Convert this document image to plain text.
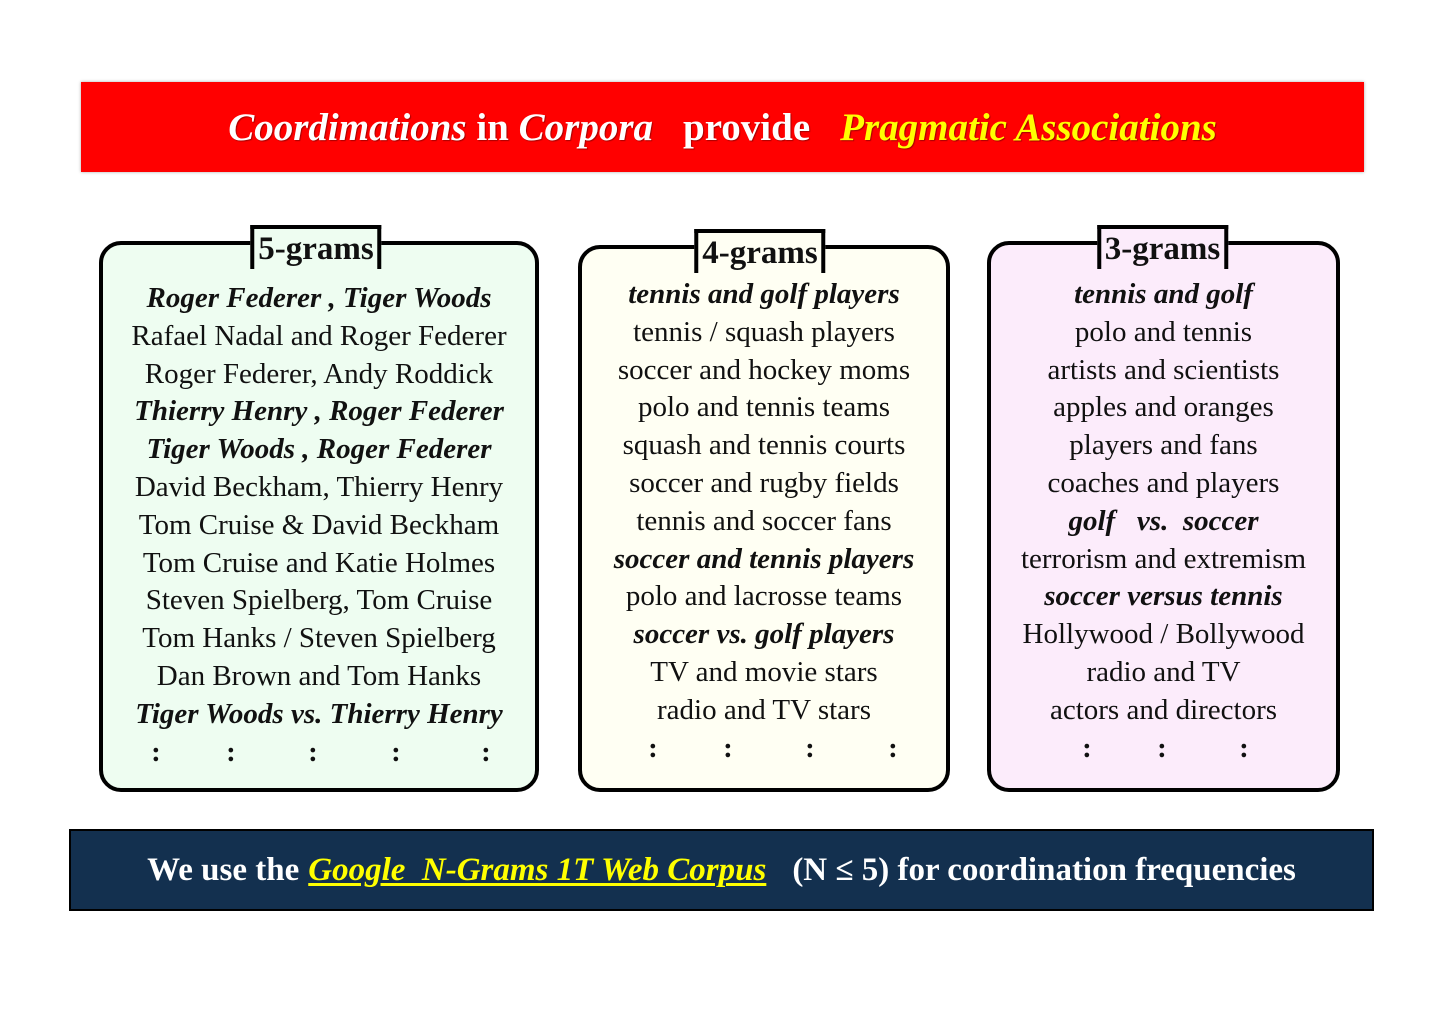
Coordimations in Corpora provide Pragmatic Associations
5-grams
Roger Federer , Tiger Woods
Rafael Nadal and Roger Federer
Roger Federer, Andy Roddick
Thierry Henry , Roger Federer
Tiger Woods , Roger Federer
David Beckham, Thierry Henry
Tom Cruise & David Beckham
Tom Cruise and Katie Holmes
Steven Spielberg, Tom Cruise
Tom Hanks / Steven Spielberg
Dan Brown and Tom Hanks
Tiger Woods vs. Thierry Henry
: : :	:	:
4-grams
tennis and golf players
tennis / squash players
soccer and hockey moms
polo and tennis teams
squash and tennis courts
soccer and rugby fields
tennis and soccer fans
soccer and tennis players
polo and lacrosse teams
soccer vs. golf players
TV and movie stars
radio and TV stars
: : :	:
3-grams
tennis and golf
polo and tennis
artists and scientists
apples and oranges
players and fans
coaches and players
golf   vs.  soccer
terrorism and extremism
soccer versus tennis
Hollywood / Bollywood
radio and TV
actors and directors
: : :
We use the Google  N-Grams 1T Web Corpus (N ≤ 5) for coordination frequencies
